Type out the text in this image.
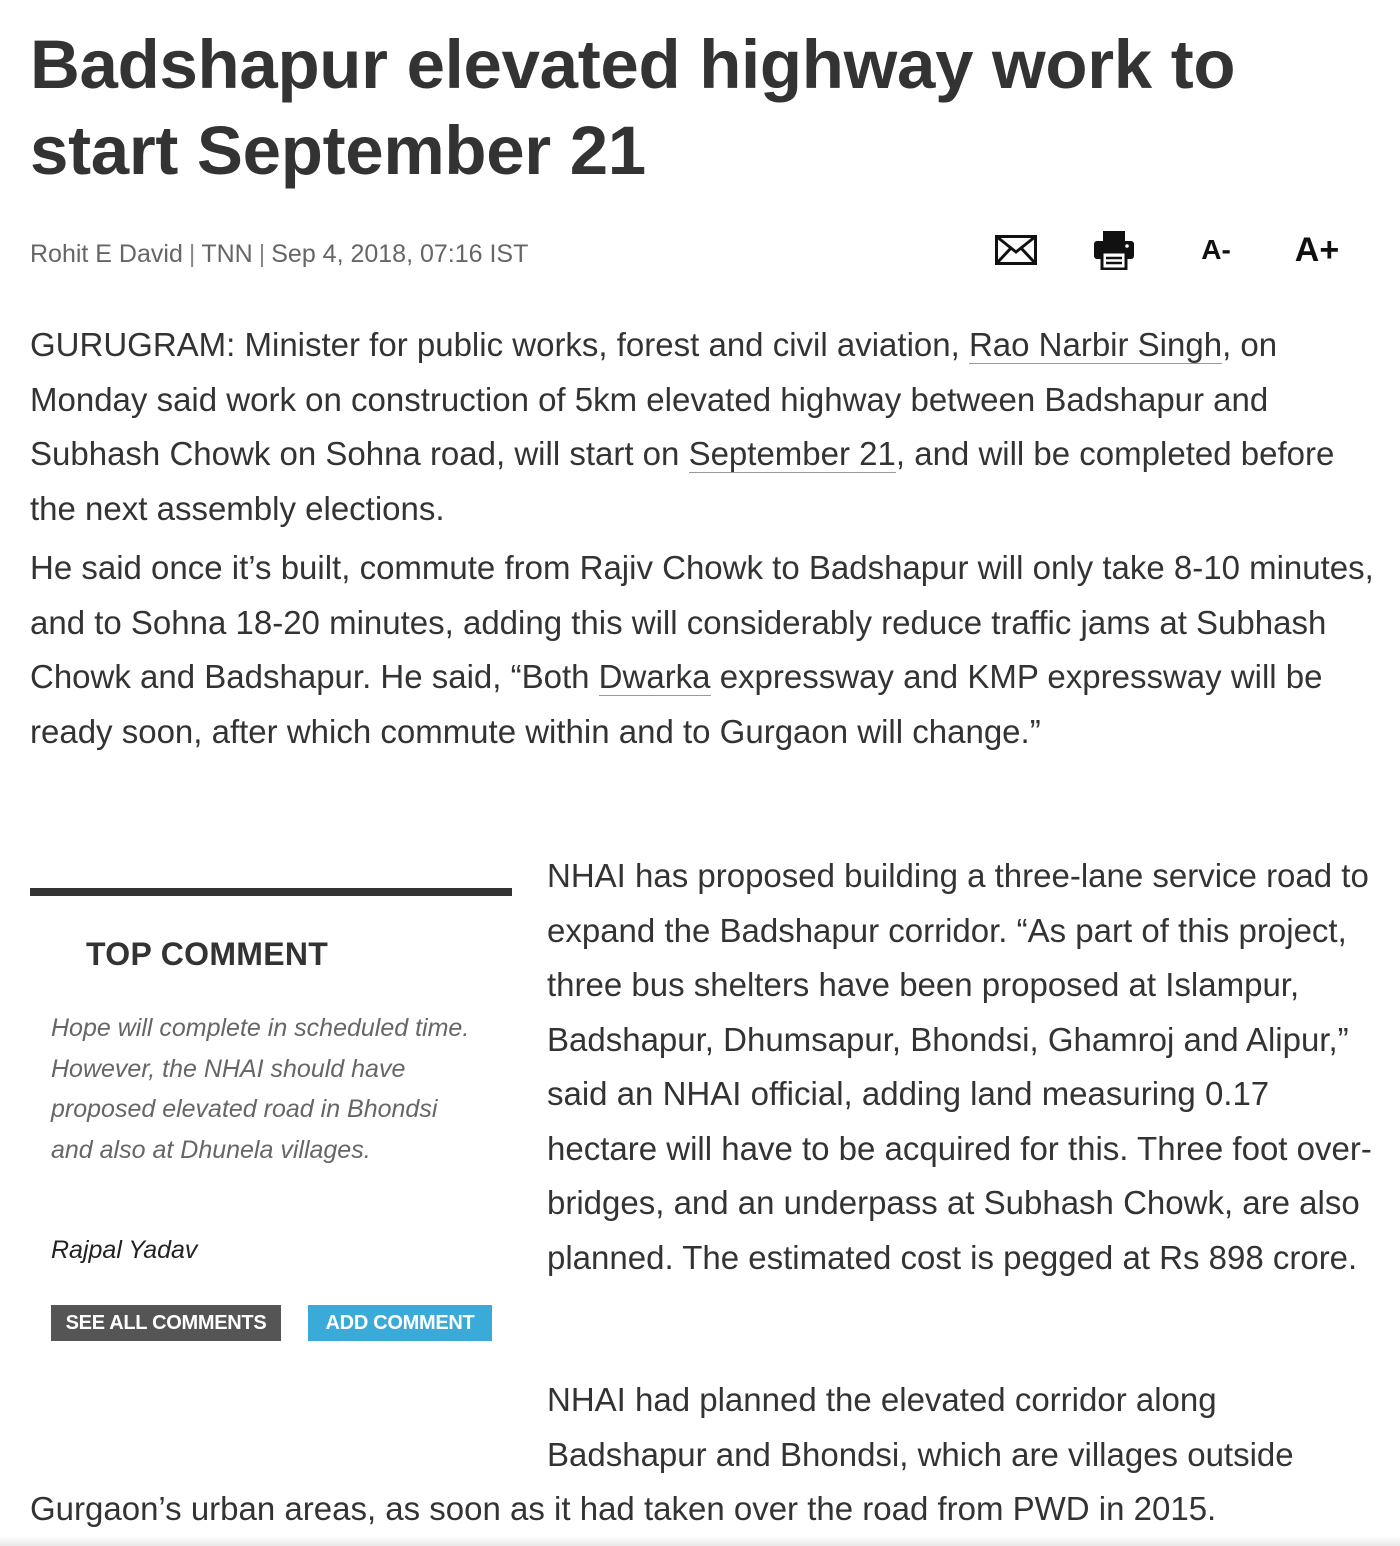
Badshapur elevated highway work to start September 21
Rohit E David | TNN | Sep 4, 2018, 07:16 IST	A- A+

GURUGRAM: Minister for public works, forest and civil aviation, Rao Narbir Singh, on Monday said work on construction of 5km elevated highway between Badshapur and Subhash Chowk on Sohna road, will start on September 21, and will be completed before the next assembly elections.

He said once it’s built, commute from Rajiv Chowk to Badshapur will only take 8-10 minutes, and to Sohna 18-20 minutes, adding this will considerably reduce traffic jams at Subhash Chowk and Badshapur. He said, “Both Dwarka expressway and KMP expressway will be ready soon, after which commute within and to Gurgaon will change.”

TOP COMMENT

Hope will complete in scheduled time. However, the NHAI should have proposed elevated road in Bhondsi and also at Dhunela villages.

Rajpal Yadav
SEE ALL COMMENTS	ADD COMMENT

NHAI has proposed building a three-lane service road to expand the Badshapur corridor. “As part of this project, three bus shelters have been proposed at Islampur, Badshapur, Dhumsapur, Bhondsi, Ghamroj and Alipur,” said an NHAI official, adding land measuring 0.17 hectare will have to be acquired for this. Three foot over-bridges, and an underpass at Subhash Chowk, are also planned. The estimated cost is pegged at Rs 898 crore.

NHAI had planned the elevated corridor along Badshapur and Bhondsi, which are villages outside

Gurgaon’s urban areas, as soon as it had taken over the road from PWD in 2015.
